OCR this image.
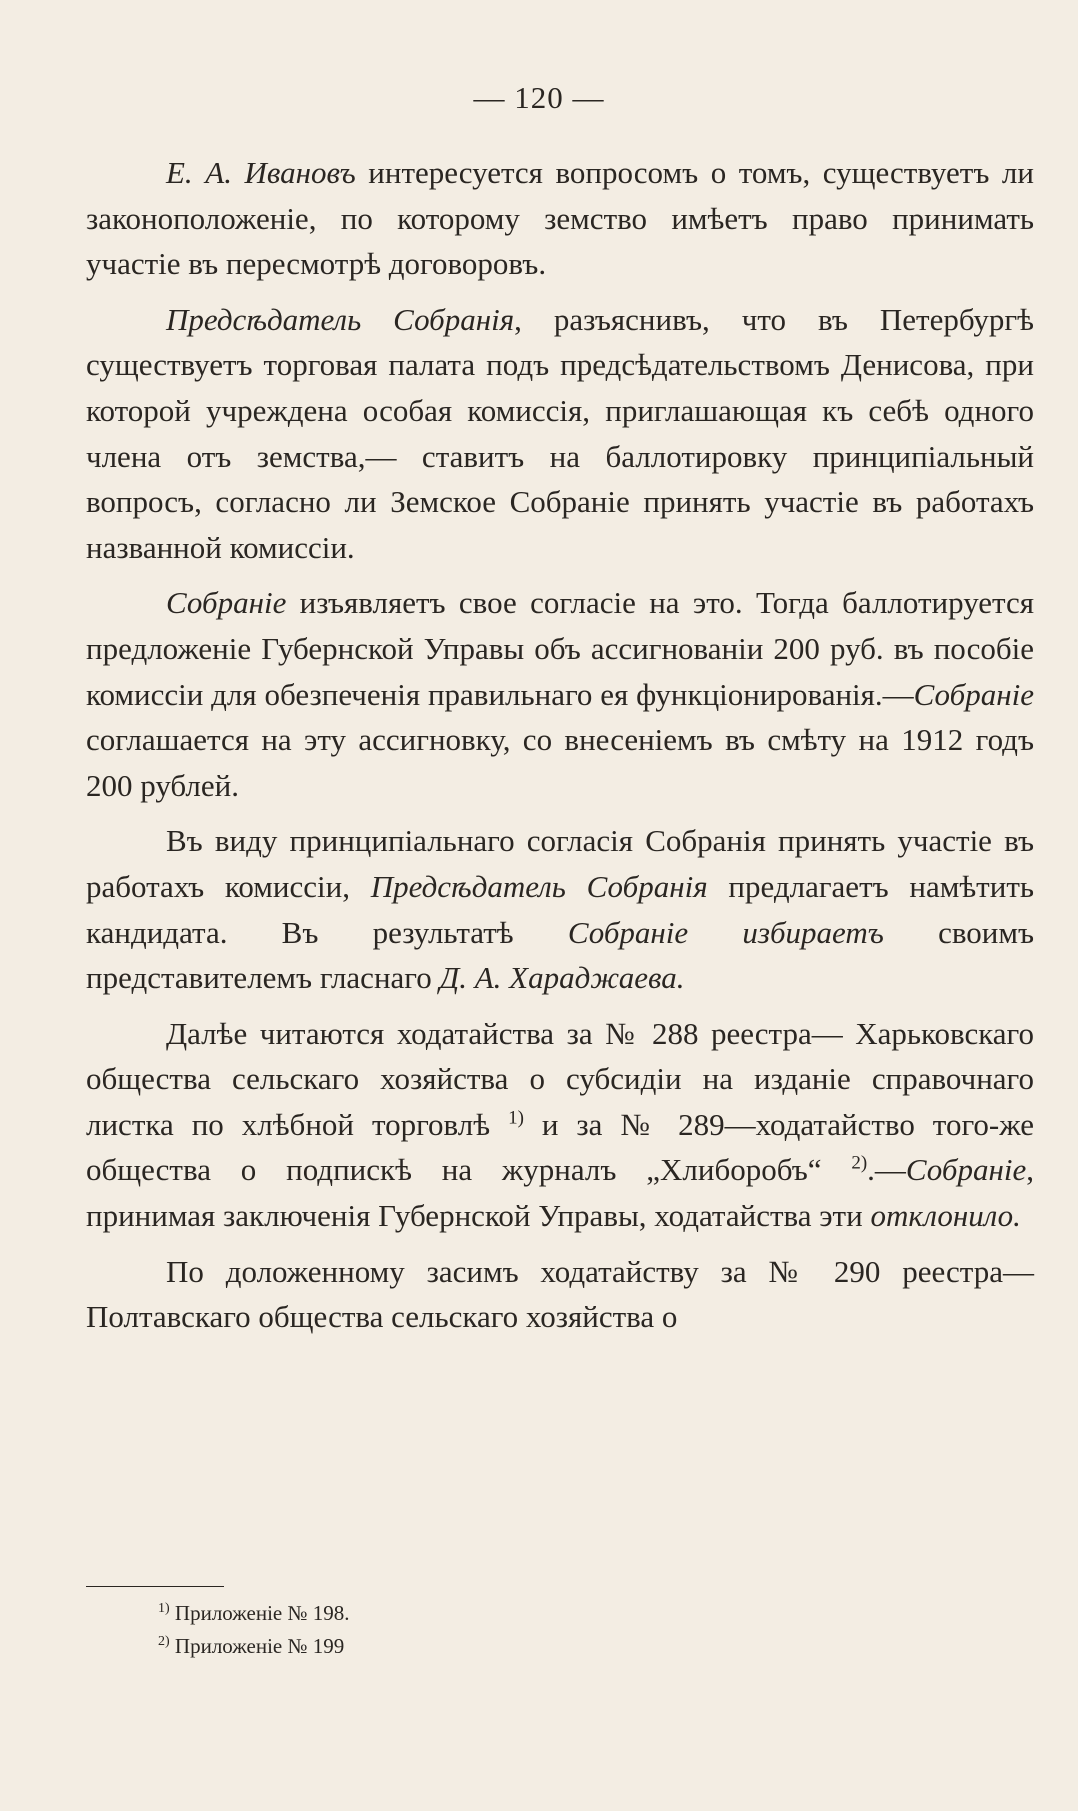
— 120 —

Е. А. Ивановъ интересуется вопросомъ о томъ, существуетъ ли законоположеніе, по которому земство имѣетъ право принимать участіе въ пересмотрѣ договоровъ.

Предсѣдатель Собранія, разъяснивъ, что въ Петербургѣ существуетъ торговая палата подъ предсѣдательствомъ Денисова, при которой учреждена особая комиссія, приглашающая къ себѣ одного члена отъ земства,— ставитъ на баллотировку принципіальный вопросъ, согласно ли Земское Собраніе принять участіе въ работахъ названной комиссіи.

Собраніе изъявляетъ свое согласіе на это. Тогда баллотируется предложеніе Губернской Управы объ ассигнованіи 200 руб. въ пособіе комиссіи для обезпеченія правильнаго ея функціонированія.—Собраніе соглашается на эту ассигновку, со внесеніемъ въ смѣту на 1912 годъ 200 рублей.

Въ виду принципіальнаго согласія Собранія принять участіе въ работахъ комиссіи, Предсѣдатель Собранія предлагаетъ намѣтить кандидата. Въ результатѣ Собраніе избираетъ своимъ представителемъ гласнаго Д. А. Хараджаева.

Далѣе читаются ходатайства за № 288 реестра— Харьковскаго общества сельскаго хозяйства о субсидіи на изданіе справочнаго листка по хлѣбной торговлѣ $^{1)}$ и за № 289—ходатайство того-же общества о подпискѣ на журналъ „Хлиборобъ“ $^{2)}$.—Собраніе, принимая заключенія Губернской Управы, ходатайства эти отклонило.

По доложенному засимъ ходатайству за № 290 реестра—Полтавскаго общества сельскаго хозяйства о

$^{1)}$ Приложеніе № 198.
$^{2)}$ Приложеніе № 199
